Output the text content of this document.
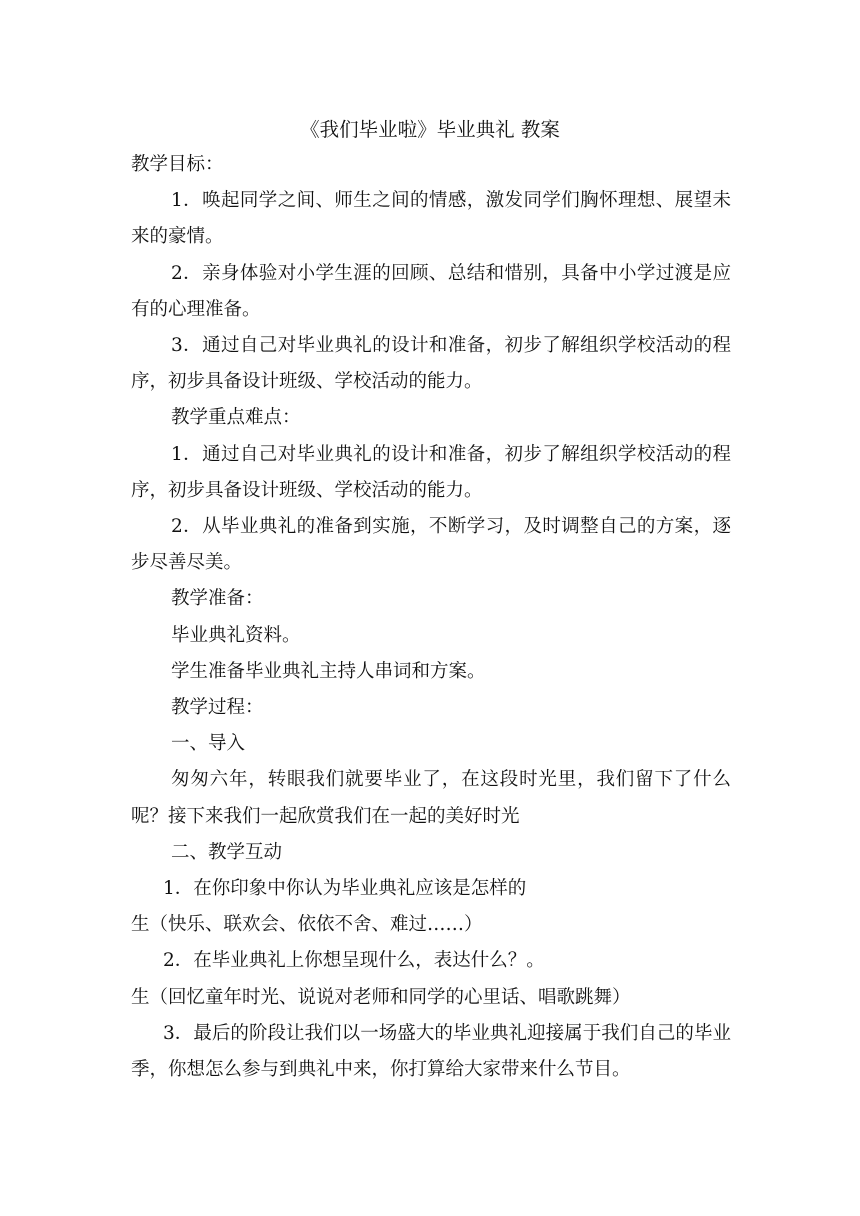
《我们毕业啦》毕业典礼 教案

教学目标：

1．唤起同学之间、师生之间的情感，激发同学们胸怀理想、展望未来的豪情。

2．亲身体验对小学生涯的回顾、总结和惜别，具备中小学过渡是应有的心理准备。

3．通过自己对毕业典礼的设计和准备，初步了解组织学校活动的程序，初步具备设计班级、学校活动的能力。

教学重点难点：

1．通过自己对毕业典礼的设计和准备，初步了解组织学校活动的程序，初步具备设计班级、学校活动的能力。

2．从毕业典礼的准备到实施，不断学习，及时调整自己的方案，逐步尽善尽美。

教学准备：

毕业典礼资料。

学生准备毕业典礼主持人串词和方案。

教学过程：

一、导入

匆匆六年，转眼我们就要毕业了，在这段时光里，我们留下了什么呢？接下来我们一起欣赏我们在一起的美好时光

二、教学互动

1．在你印象中你认为毕业典礼应该是怎样的

生（快乐、联欢会、依依不舍、难过……）

2．在毕业典礼上你想呈现什么，表达什么？。

生（回忆童年时光、说说对老师和同学的心里话、唱歌跳舞）

3．最后的阶段让我们以一场盛大的毕业典礼迎接属于我们自己的毕业季，你想怎么参与到典礼中来，你打算给大家带来什么节目。
